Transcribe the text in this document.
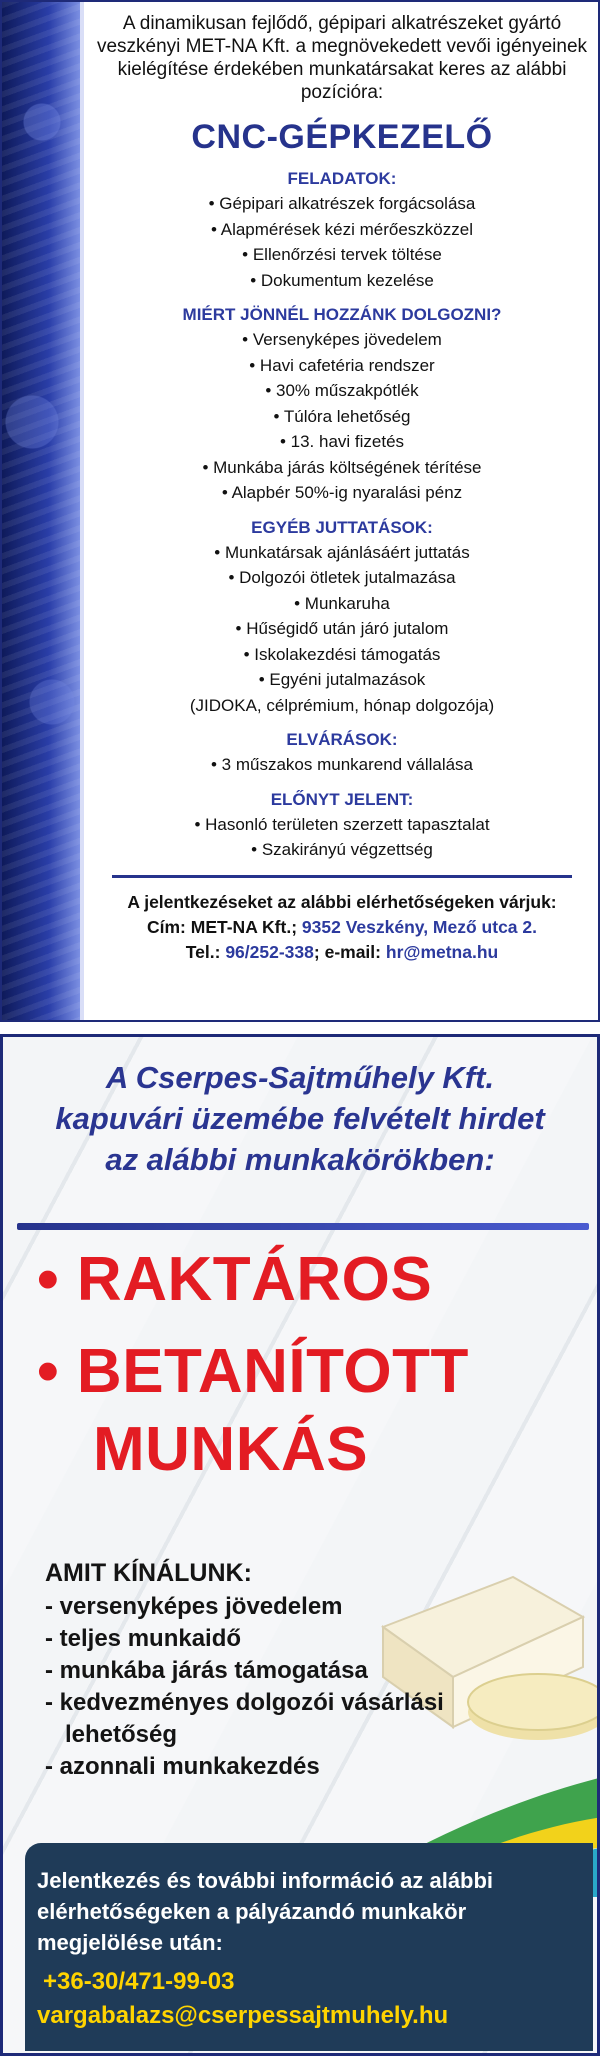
A dinamikusan fejlődő, gépipari alkatrészeket gyártó veszkényi MET-NA Kft. a megnövekedett vevői igényeinek kielégítése érdekében munkatársakat keres az alábbi pozícióra:

CNC-GÉPKEZELŐ
FELADATOK:
• Gépipari alkatrészek forgácsolása
• Alapmérések kézi mérőeszközzel
• Ellenőrzési tervek töltése
• Dokumentum kezelése
MIÉRT JÖNNÉL HOZZÁNK DOLGOZNI?
• Versenyképes jövedelem
• Havi cafetéria rendszer
• 30% műszakpótlék
• Túlóra lehetőség
• 13. havi fizetés
• Munkába járás költségének térítése
• Alapbér 50%-ig nyaralási pénz
EGYÉB JUTTATÁSOK:
• Munkatársak ajánlásáért juttatás
• Dolgozói ötletek jutalmazása
• Munkaruha
• Hűségidő után járó jutalom
• Iskolakezdési támogatás
• Egyéni jutalmazások
(JIDOKA, célprémium, hónap dolgozója)
ELVÁRÁSOK:
• 3 műszakos munkarend vállalása
ELŐNYT JELENT:
• Hasonló területen szerzett tapasztalat
• Szakirányú végzettség
A jelentkezéseket az alábbi elérhetőségeken várjuk:
Cím: MET-NA Kft.; 9352 Veszkény, Mező utca 2.
Tel.: 96/252-338; e-mail: hr@metna.hu
A Cserpes-Sajtműhely Kft.
kapuvári üzemébe felvételt hirdet
az alábbi munkakörökben:
• RAKTÁROS
• BETANÍTOTT
MUNKÁS
AMIT KÍNÁLUNK:
- versenyképes jövedelem
- teljes munkaidő
- munkába járás támogatása
- kedvezményes dolgozói vásárlási
lehetőség
- azonnali munkakezdés
Jelentkezés és további információ az alábbi
elérhetőségeken a pályázandó munkakör
megjelölése után:
+36-30/471-99-03
vargabalazs@cserpessajtmuhely.hu
